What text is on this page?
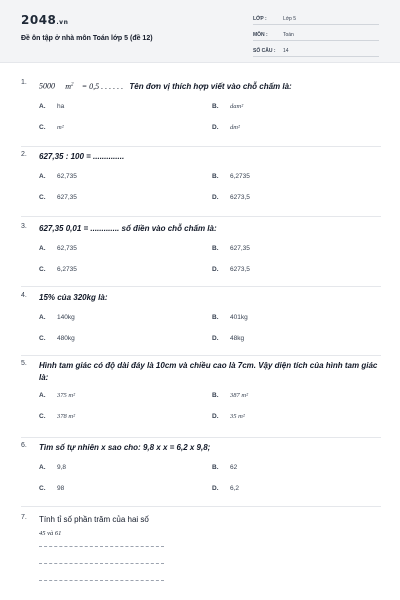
2048.vn
Đề ôn tập ở nhà môn Toán lớp 5 (đề 12)
LỚP :	Lớp 5
MÔN :	Toán
SỐ CÂU :	14
1.	5000 $m^2 = 0,5$ . . . . . . Tên đơn vị thích hợp viết vào chỗ chấm là:
A.	ha	B.	dam²
C.	m²	D.	dm²
2.	627,35 : 100 = ..............
A.	62,735	B.	6,2735
C.	627,35	D.	6273,5
3.	627,35 0,01 = ............. số điền vào chỗ chấm là:
A.	62,735	B.	627,35
C.	6,2735	D.	6273,5
4.	15% của 320kg là:
A.	140kg	B.	401kg
C.	480kg	D.	48kg
5.	Hình tam giác có độ dài đáy là 10cm và chiều cao là 7cm. Vậy diện tích của hình tam giác là:
A.	375 m²	B.	387 m²
C.	378 m²	D.	35 m²
6.	Tìm số tự nhiên x sao cho: 9,8 x x = 6,2 x 9,8;
A.	9,8	B.	62
C.	98	D.	6,2
7.	Tính tỉ số phần trăm của hai số
45 và 61
